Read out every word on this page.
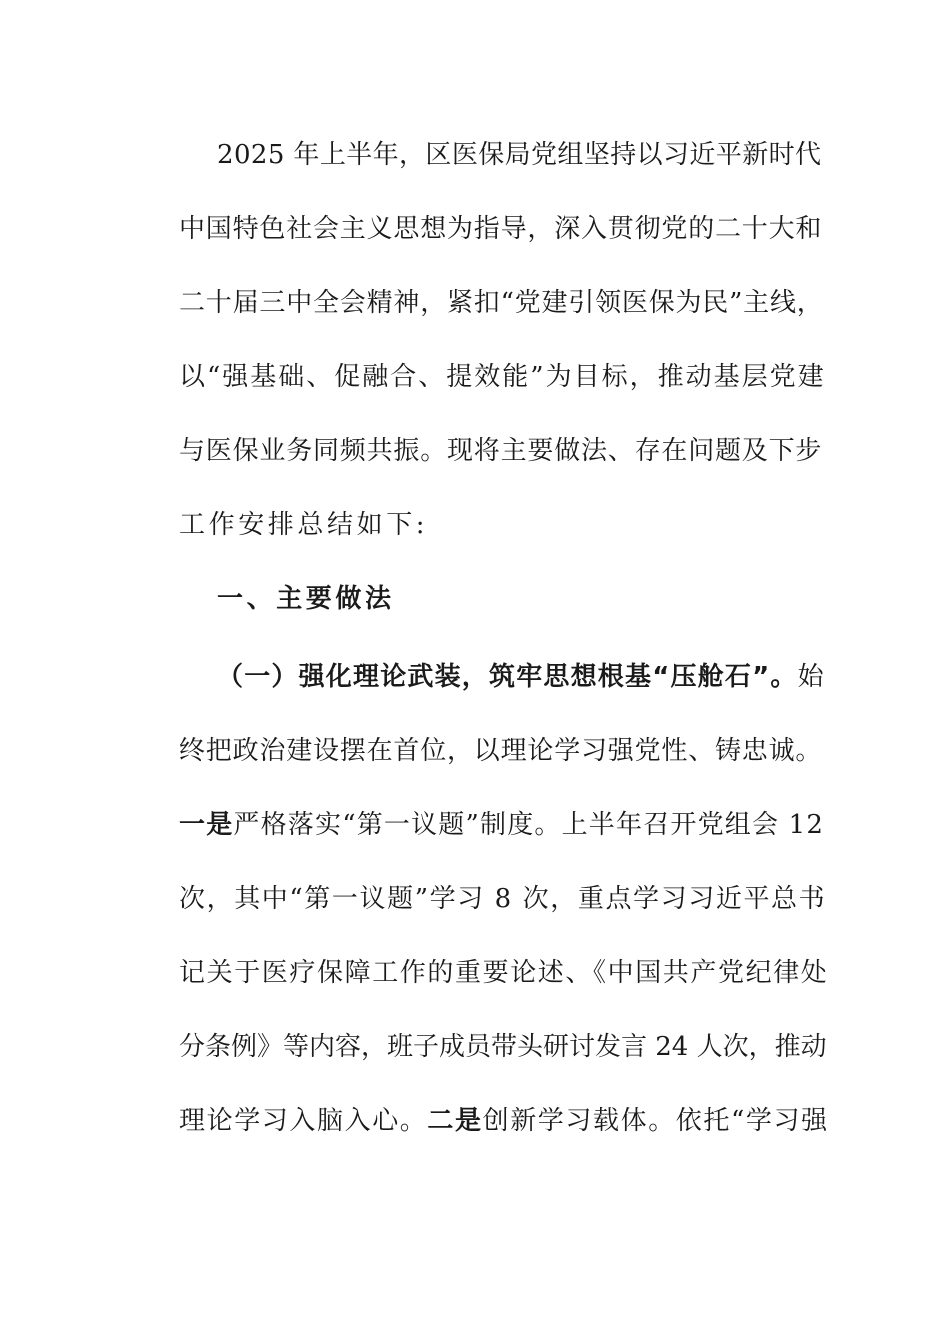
2025 年上半年，区医保局党组坚持以习近平新时代
中国特色社会主义思想为指导，深入贯彻党的二十大和
二十届三中全会精神，紧扣“党建引领医保为民”主线，
以“强基础、促融合、提效能”为目标，推动基层党建
与医保业务同频共振。现将主要做法、存在问题及下步
工作安排总结如下:
一、主要做法
（一）强化理论武装，筑牢思想根基“压舱石”。始
终把政治建设摆在首位，以理论学习强党性、铸忠诚。
一是严格落实“第一议题”制度。上半年召开党组会 12
次，其中“第一议题”学习 8 次，重点学习习近平总书
记关于医疗保障工作的重要论述、《中国共产党纪律处
分条例》等内容，班子成员带头研讨发言 24 人次，推动
理论学习入脑入心。二是创新学习载体。依托“学习强
